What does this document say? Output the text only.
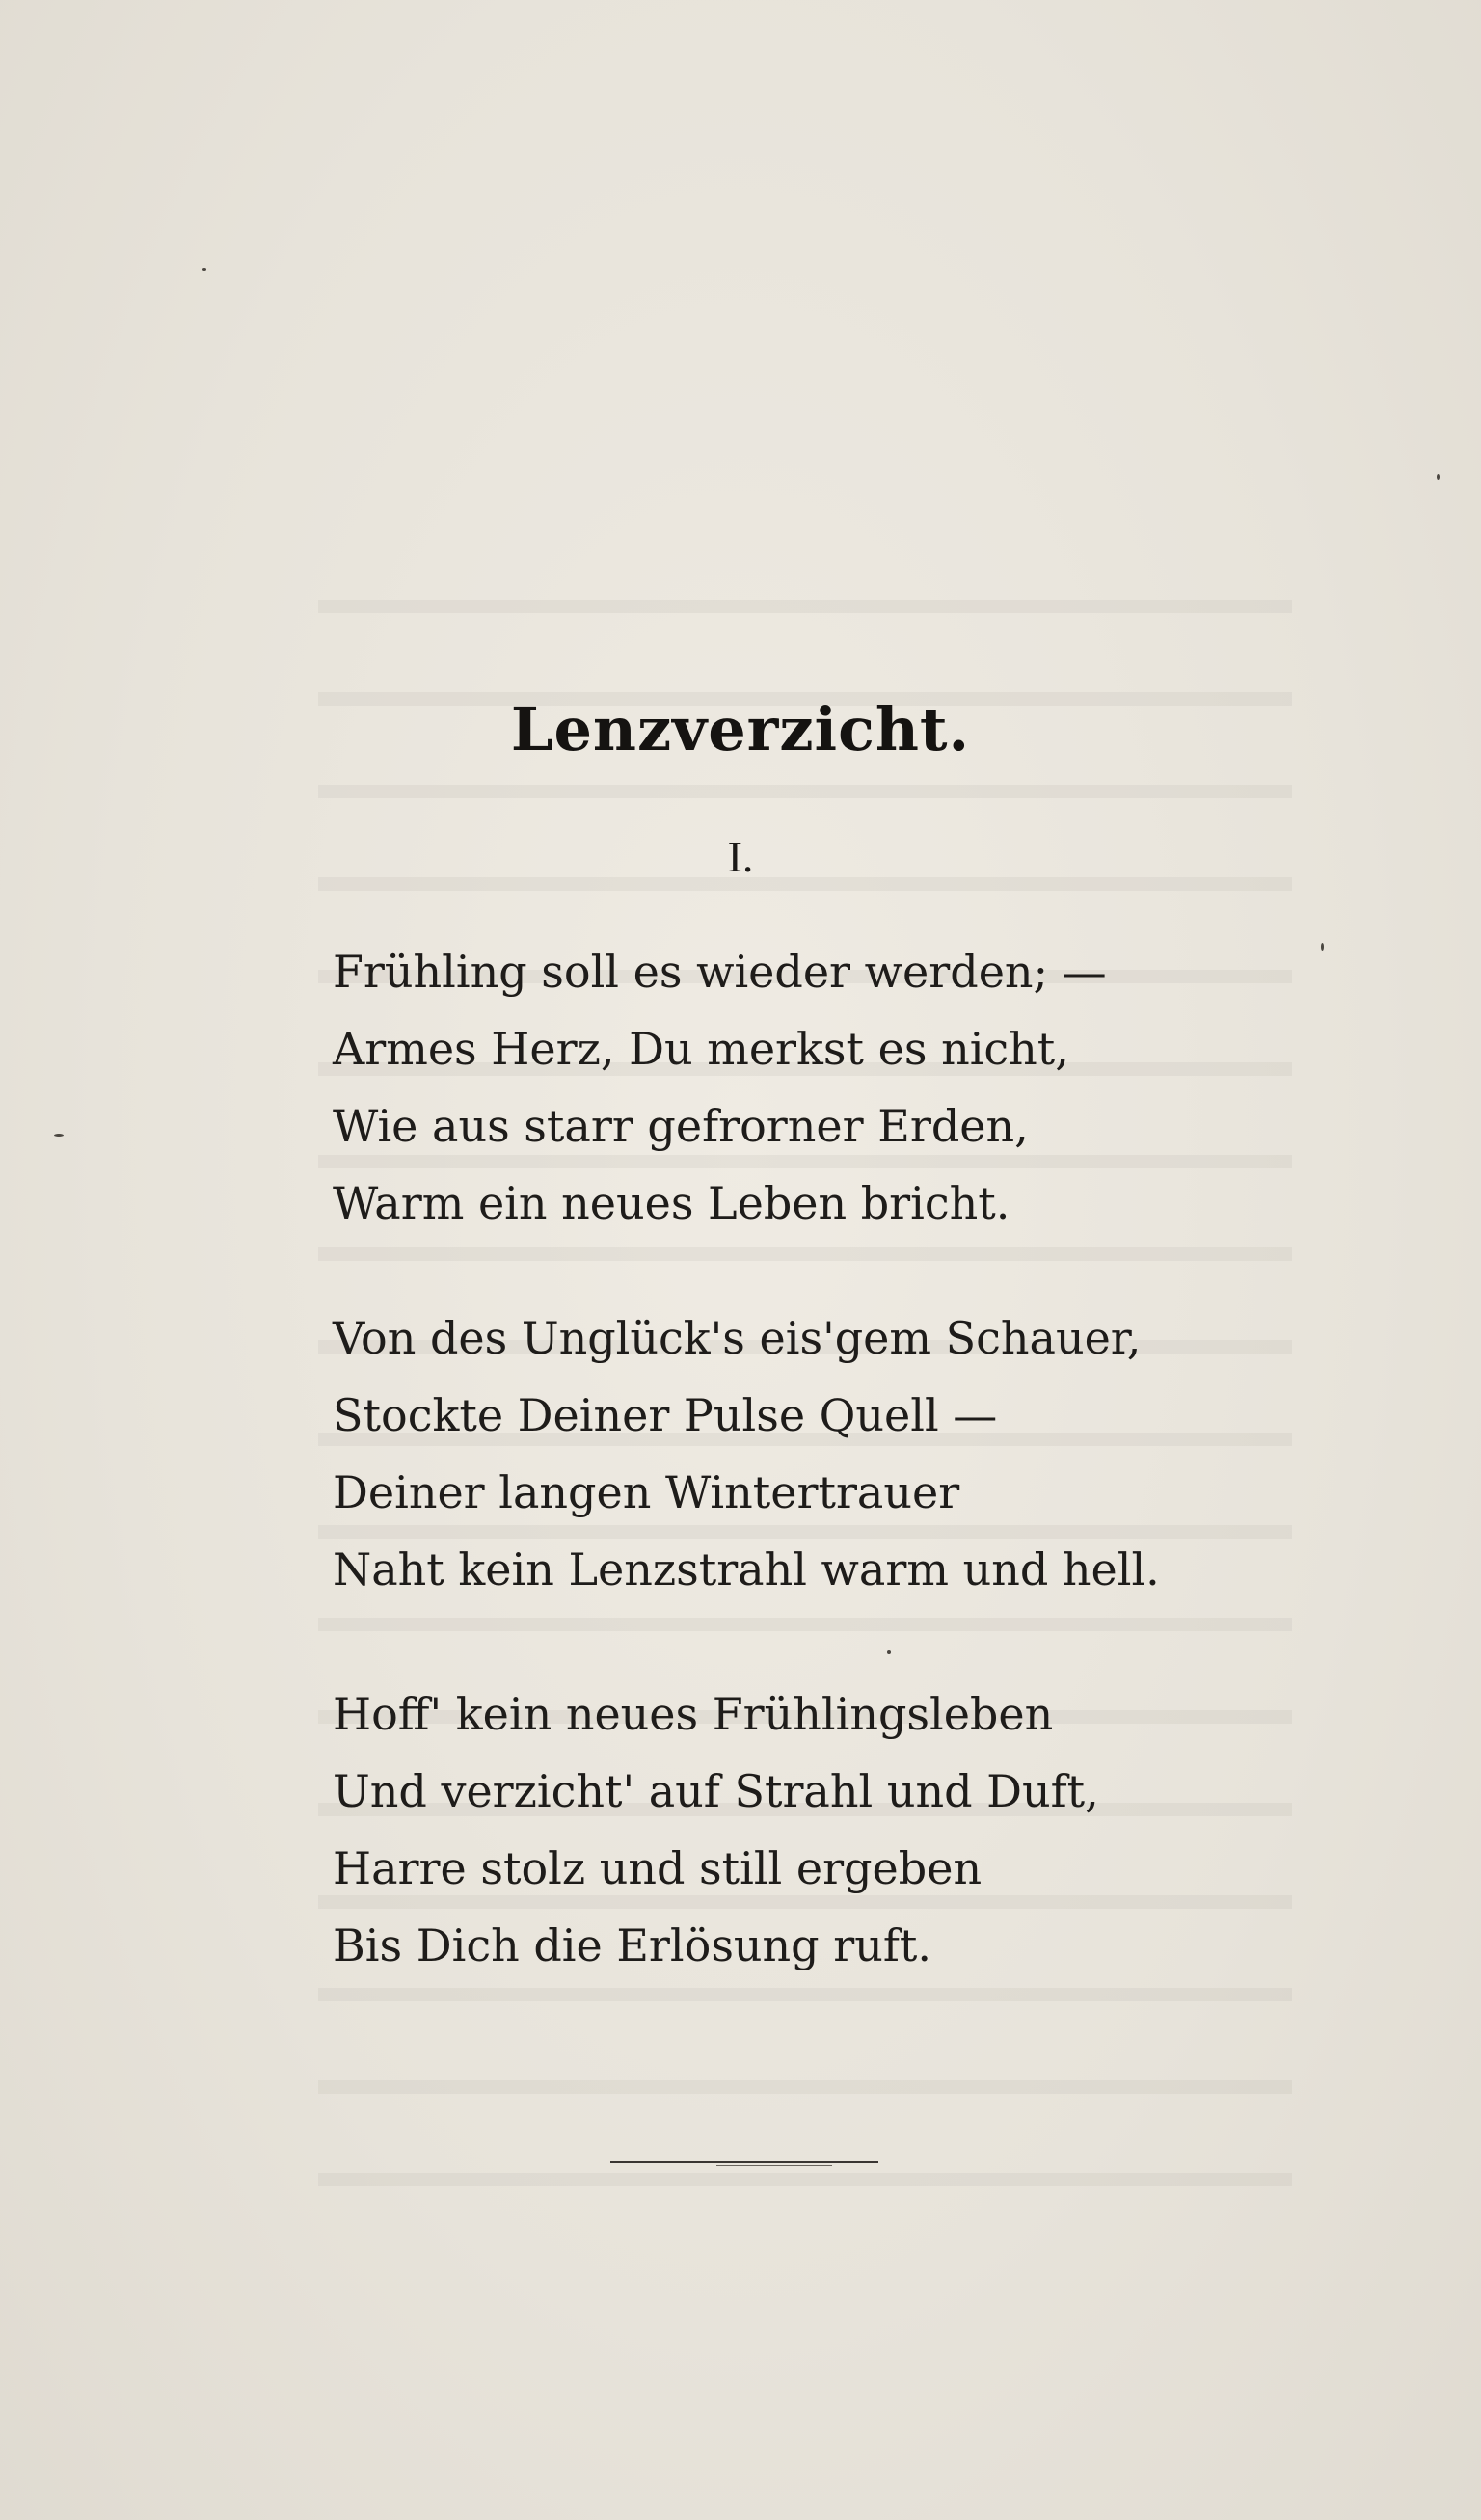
Lenzverzicht.
I.
Frühling soll es wieder werden; —
Armes Herz, Du merkst es nicht,
Wie aus starr gefrorner Erden,
Warm ein neues Leben bricht.
Von des Unglück's eis'gem Schauer,
Stockte Deiner Pulse Quell —
Deiner langen Wintertrauer
Naht kein Lenzstrahl warm und hell.
Hoff' kein neues Frühlingsleben
Und verzicht' auf Strahl und Duft,
Harre stolz und still ergeben
Bis Dich die Erlösung ruft.
